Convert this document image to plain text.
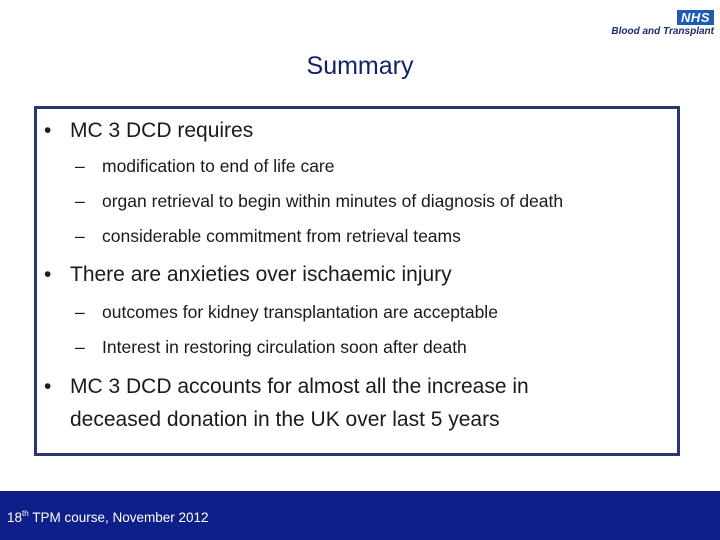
NHS
Blood and Transplant
Summary
• MC 3 DCD requires
– modification to end of life care
– organ retrieval to begin within minutes of diagnosis of death
– considerable commitment from retrieval teams
• There are anxieties over ischaemic injury
– outcomes for kidney transplantation are acceptable
– Interest in restoring circulation soon after death
• MC 3 DCD accounts for almost all the increase in
deceased donation in the UK over last 5 years
18th TPM course, November 2012
